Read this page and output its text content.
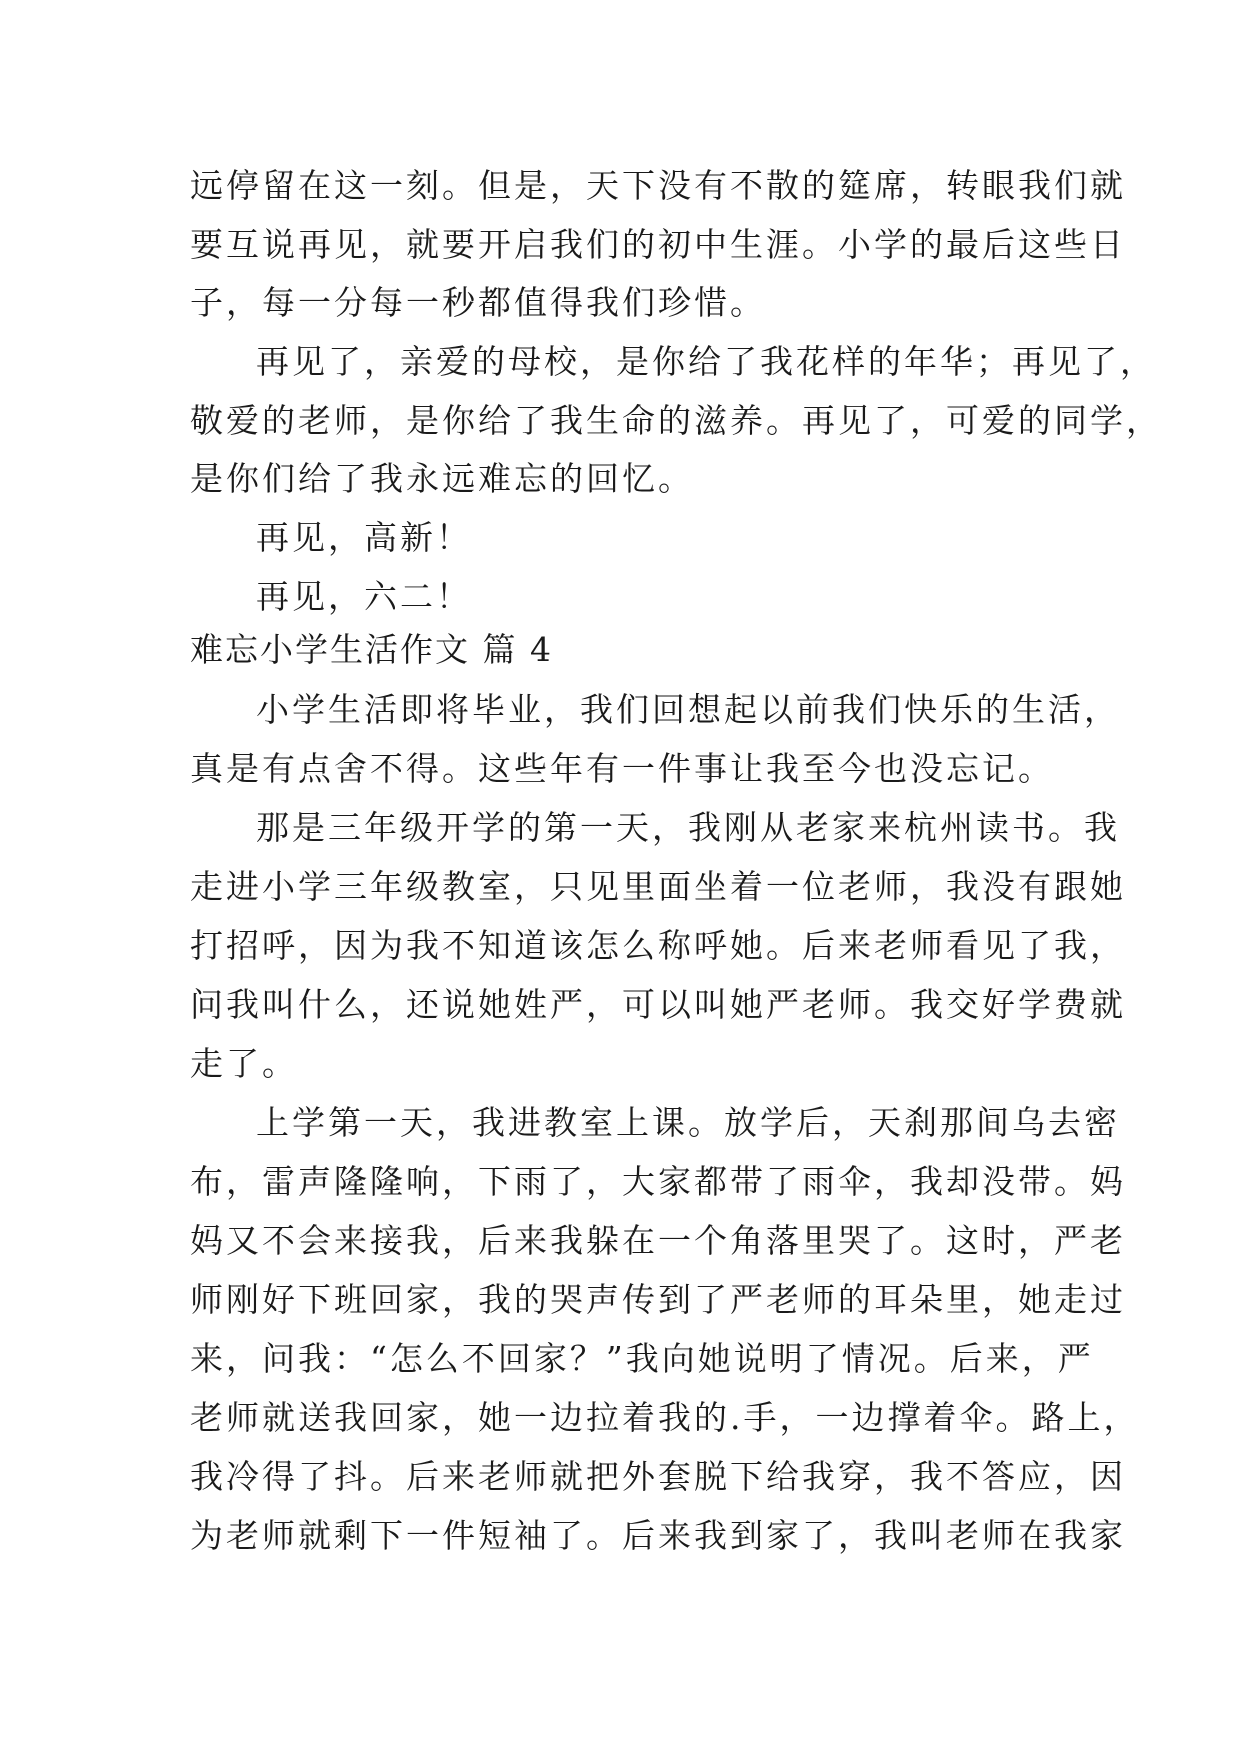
远停留在这一刻。但是，天下没有不散的筵席，转眼我们就
要互说再见，就要开启我们的初中生涯。小学的最后这些日
子，每一分每一秒都值得我们珍惜。
再见了，亲爱的母校，是你给了我花样的年华；再见了，
敬爱的老师，是你给了我生命的滋养。再见了，可爱的同学，
是你们给了我永远难忘的回忆。
再见，高新！
再见，六二！
难忘小学生活作文 篇 4
小学生活即将毕业，我们回想起以前我们快乐的生活，
真是有点舍不得。这些年有一件事让我至今也没忘记。
那是三年级开学的第一天，我刚从老家来杭州读书。我
走进小学三年级教室，只见里面坐着一位老师，我没有跟她
打招呼，因为我不知道该怎么称呼她。后来老师看见了我，
问我叫什么，还说她姓严，可以叫她严老师。我交好学费就
走了。
上学第一天，我进教室上课。放学后，天刹那间乌去密
布，雷声隆隆响，下雨了，大家都带了雨伞，我却没带。妈
妈又不会来接我，后来我躲在一个角落里哭了。这时，严老
师刚好下班回家，我的哭声传到了严老师的耳朵里，她走过
来，问我：“怎么不回家？”我向她说明了情况。后来，严
老师就送我回家，她一边拉着我的.手，一边撑着伞。路上，
我冷得了抖。后来老师就把外套脱下给我穿，我不答应，因
为老师就剩下一件短袖了。后来我到家了，我叫老师在我家
